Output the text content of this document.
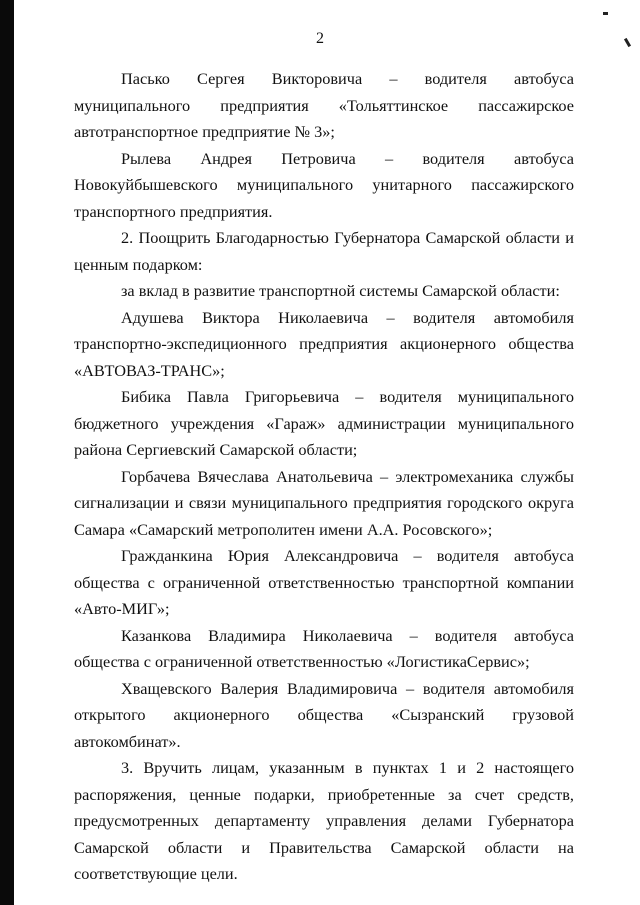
2

Пасько Сергея Викторовича – водителя автобуса муниципального предприятия «Тольяттинское пассажирское автотранспортное предприятие № 3»;

Рылева Андрея Петровича – водителя автобуса Новокуйбышевского муниципального унитарного пассажирского транспортного предприятия.

2. Поощрить Благодарностью Губернатора Самарской области и ценным подарком:

за вклад в развитие транспортной системы Самарской области:

Адушева Виктора Николаевича – водителя автомобиля транспортно-экспедиционного предприятия акционерного общества «АВТОВАЗ-ТРАНС»;

Бибика Павла Григорьевича – водителя муниципального бюджетного учреждения «Гараж» администрации муниципального района Сергиевский Самарской области;

Горбачева Вячеслава Анатольевича – электромеханика службы сигнализации и связи муниципального предприятия городского округа Самара «Самарский метрополитен имени А.А. Росовского»;

Гражданкина Юрия Александровича – водителя автобуса общества с ограниченной ответственностью транспортной компании «Авто-МИГ»;

Казанкова Владимира Николаевича – водителя автобуса общества с ограниченной ответственностью «ЛогистикаСервис»;

Хващевского Валерия Владимировича – водителя автомобиля открытого акционерного общества «Сызранский грузовой автокомбинат».

3. Вручить лицам, указанным в пунктах 1 и 2 настоящего распоряжения, ценные подарки, приобретенные за счет средств, предусмотренных департаменту управления делами Губернатора Самарской области и Правительства Самарской области на соответствующие цели.
